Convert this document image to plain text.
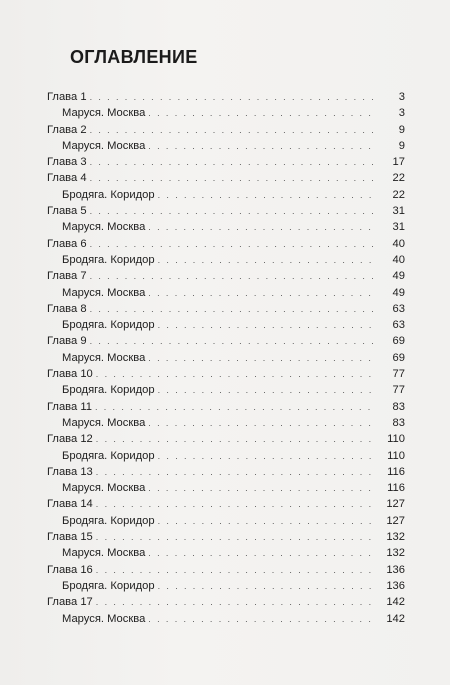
ОГЛАВЛЕНИЕ
Глава 1 . . .	3
Маруся. Москва . . .	3
Глава 2 . . .	9
Маруся. Москва . . .	9
Глава 3 . . .	17
Глава 4 . . .	22
Бродяга. Коридор . . .	22
Глава 5 . . .	31
Маруся. Москва . . .	31
Глава 6 . . .	40
Бродяга. Коридор . . .	40
Глава 7 . . .	49
Маруся. Москва . . .	49
Глава 8 . . .	63
Бродяга. Коридор . . .	63
Глава 9 . . .	69
Маруся. Москва . . .	69
Глава 10 . . .	77
Бродяга. Коридор . . .	77
Глава 11 . . .	83
Маруся. Москва . . .	83
Глава 12 . . .	110
Бродяга. Коридор . . .	110
Глава 13 . . .	116
Маруся. Москва . . .	116
Глава 14 . . .	127
Бродяга. Коридор . . .	127
Глава 15 . . .	132
Маруся. Москва . . .	132
Глава 16 . . .	136
Бродяга. Коридор . . .	136
Глава 17 . . .	142
Маруся. Москва . . .	142
